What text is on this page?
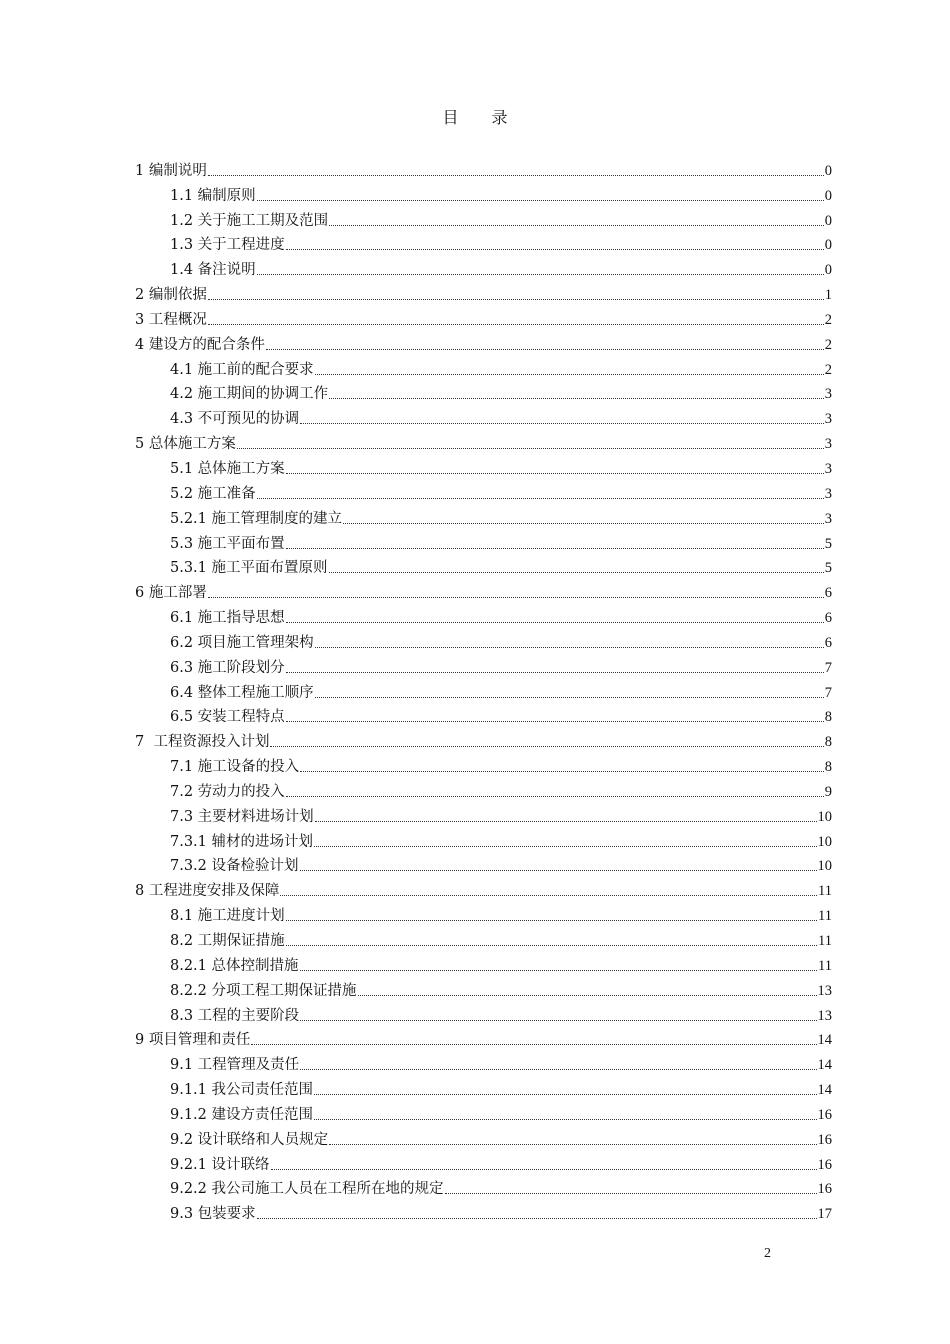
目 录
1 编制说明	0
1.1 编制原则	0
1.2 关于施工工期及范围	0
1.3 关于工程进度	0
1.4 备注说明	0
2 编制依据	1
3 工程概况	2
4 建设方的配合条件	2
4.1 施工前的配合要求	2
4.2 施工期间的协调工作	3
4.3 不可预见的协调	3
5 总体施工方案	3
5.1 总体施工方案	3
5.2 施工准备	3
5.2.1 施工管理制度的建立	3
5.3 施工平面布置	5
5.3.1 施工平面布置原则	5
6 施工部署	6
6.1 施工指导思想	6
6.2 项目施工管理架构	6
6.3 施工阶段划分	7
6.4 整体工程施工顺序	7
6.5 安装工程特点	8
7  工程资源投入计划	8
7.1 施工设备的投入	8
7.2 劳动力的投入	9
7.3 主要材料进场计划	10
7.3.1 辅材的进场计划	10
7.3.2 设备检验计划	10
8 工程进度安排及保障	11
8.1 施工进度计划	11
8.2 工期保证措施	11
8.2.1 总体控制措施	11
8.2.2 分项工程工期保证措施	13
8.3 工程的主要阶段	13
9 项目管理和责任	14
9.1 工程管理及责任	14
9.1.1 我公司责任范围	14
9.1.2 建设方责任范围	16
9.2 设计联络和人员规定	16
9.2.1 设计联络	16
9.2.2 我公司施工人员在工程所在地的规定	16
9.3 包装要求	17
2
